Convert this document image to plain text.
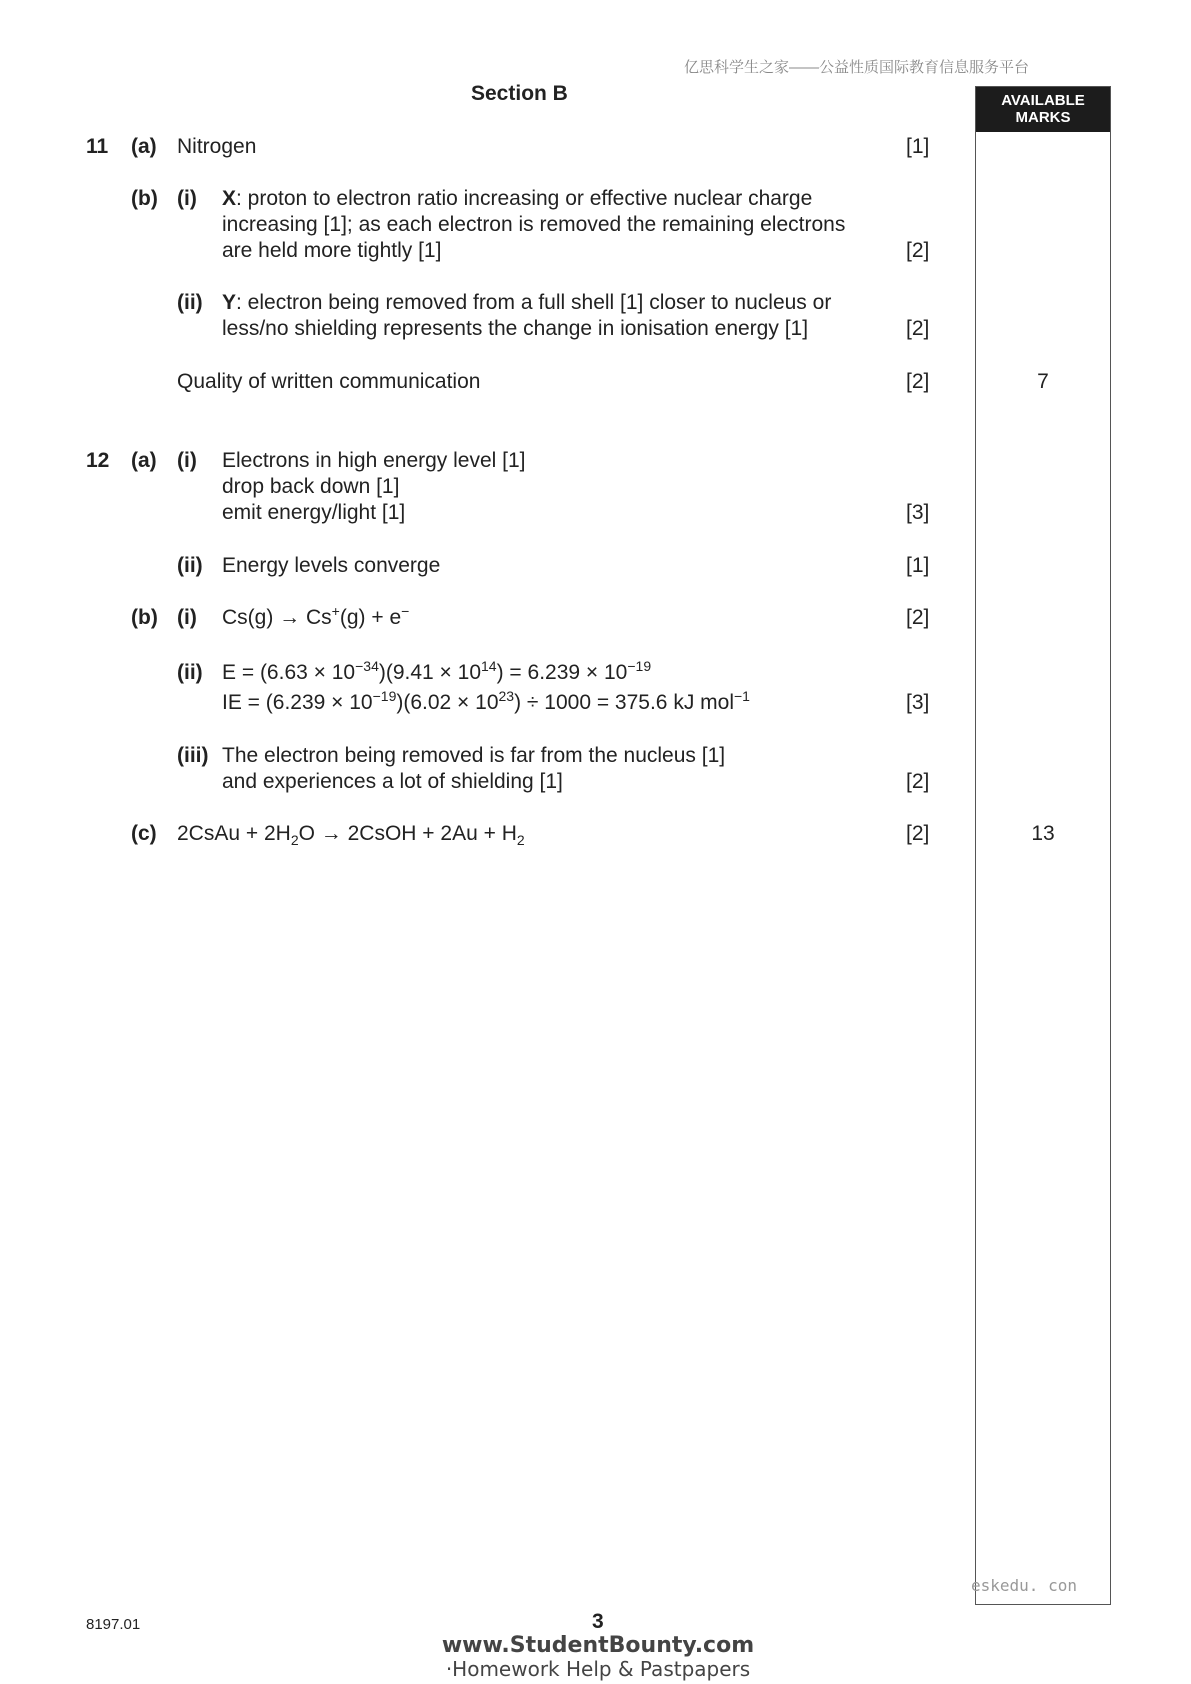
亿思科学生之家——公益性质国际教育信息服务平台
Section B	AVAILABLE
MARKS
11 (a) Nitrogen	[1]
(b) (i) X: proton to electron ratio increasing or effective nuclear charge
increasing [1]; as each electron is removed the remaining electrons
are held more tightly [1]	[2]
(ii) Y: electron being removed from a full shell [1] closer to nucleus or
less/no shielding represents the change in ionisation energy [1]	[2]
Quality of written communication	[2]	7
12 (a) (i) Electrons in high energy level [1]
drop back down [1]
emit energy/light [1]	[3]
(ii) Energy levels converge	[1]
(b) (i) Cs(g) → Cs+(g) + e−	[2]
(ii) $E = (6.63 \times 10^{-34})(9.41 \times 10^{14}) = 6.239 \times 10^{-19}$
IE = $(6.239 \times 10^{-19})(6.02 \times 10^{23}) \div 1000 = 375.6$ kJ mol$^{-1}$	[3]
(iii) The electron being removed is far from the nucleus [1]
and experiences a lot of shielding [1]	[2]
(c) 2CsAu + $2H_2O$ → 2CsOH + $2Au + H_2$	[2]	13
eskedu. con
8197.01	3
www.StudentBounty.com
·Homework Help & Pastpapers
